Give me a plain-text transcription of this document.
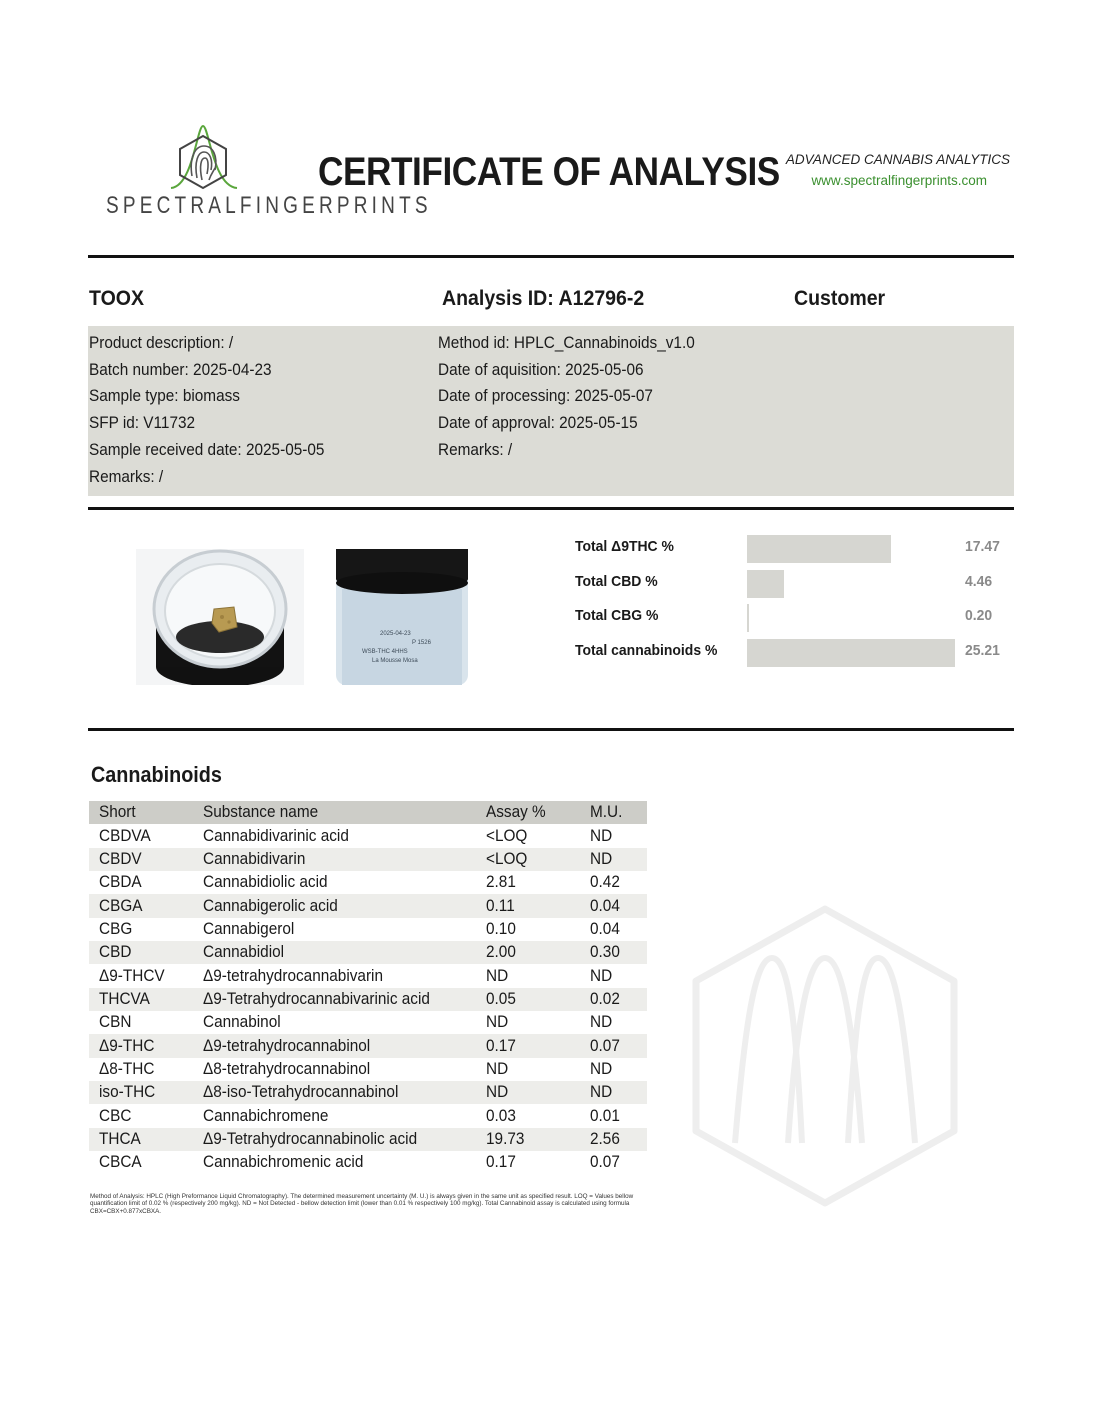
SPECTRALFINGERPRINTS
CERTIFICATE OF ANALYSIS ADVANCED CANNABIS ANALYTICS
www.spectralfingerprints.com
TOOX	Analysis ID: A12796-2	Customer
Product description: /
Batch number: 2025-04-23
Sample type: biomass
SFP id: V11732
Sample received date: 2025-05-05
Remarks: /
Method id: HPLC_Cannabinoids_v1.0
Date of aquisition: 2025-05-06
Date of processing: 2025-05-07
Date of approval: 2025-05-15
Remarks: /
2025-04-23
P 1526
WSB-THC 4HHS
La Mousse Mosa
Total Δ9THC %	17.47
Total CBD %	4.46
Total CBG %	0.20
Total cannabinoids %	25.21
Cannabinoids
Short	Substance name	Assay %	M.U.
CBDVA	Cannabidivarinic acid	<LOQ	ND
CBDV	Cannabidivarin	<LOQ	ND
CBDA	Cannabidiolic acid	2.81	0.42
CBGA	Cannabigerolic acid	0.11	0.04
CBG	Cannabigerol	0.10	0.04
CBD	Cannabidiol	2.00	0.30
Δ9-THCV	Δ9-tetrahydrocannabivarin	ND	ND
THCVA	Δ9-Tetrahydrocannabivarinic acid	0.05	0.02
CBN	Cannabinol	ND	ND
Δ9-THC	Δ9-tetrahydrocannabinol	0.17	0.07
Δ8-THC	Δ8-tetrahydrocannabinol	ND	ND
iso-THC	Δ8-iso-Tetrahydrocannabinol	ND	ND
CBC	Cannabichromene	0.03	0.01
THCA	Δ9-Tetrahydrocannabinolic acid	19.73	2.56
CBCA	Cannabichromenic acid	0.17	0.07
Method of Analysis: HPLC (High Preformance Liquid Chromatography). The determined measurement uncertainty (M. U.) is always given in the same unit as specified result. LOQ = Values bellow quantification limit of 0.02 % (respectively 200 mg/kg). ND = Not Detected - bellow detection limit (lower than 0.01 % respectively 100 mg/kg). Total Cannabinoid assay is calculated using formula CBX=CBX+0.877xCBXA.
